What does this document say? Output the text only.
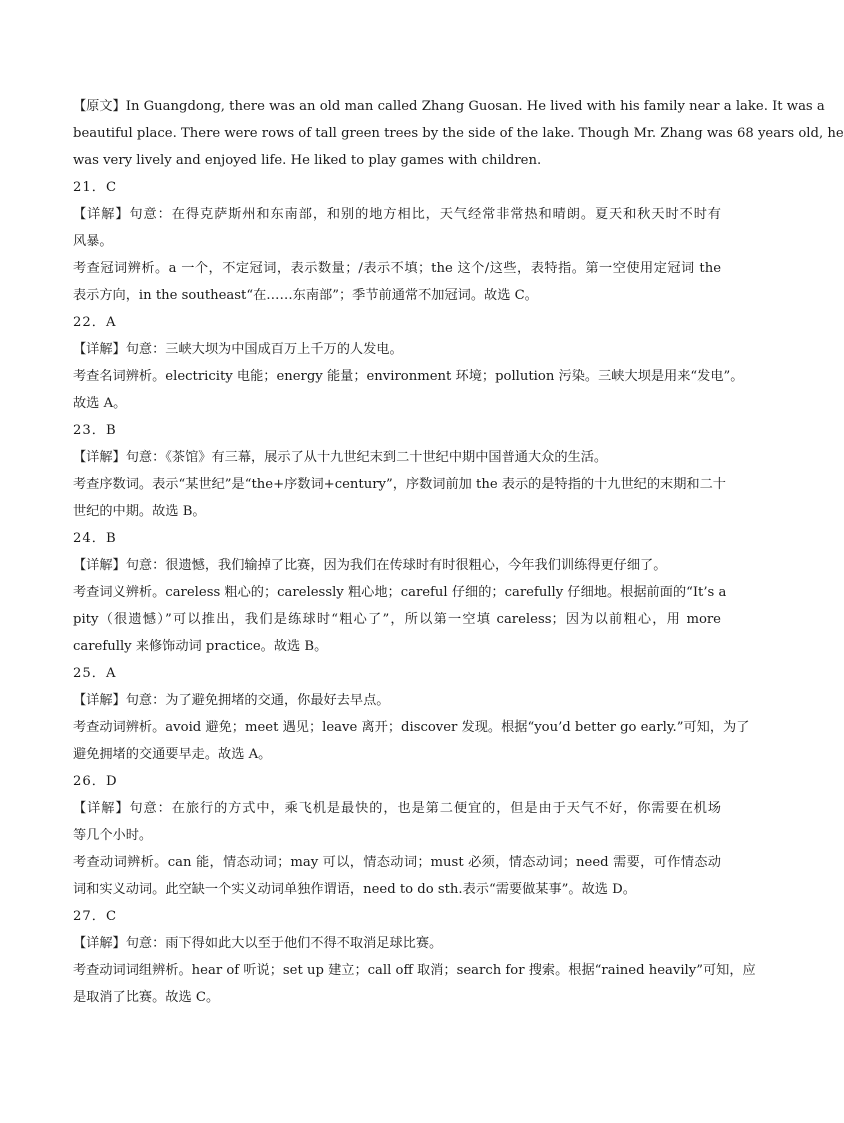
【原文】In Guangdong, there was an old man called Zhang Guosan. He lived with his family near a lake. It was a
beautiful place. There were rows of tall green trees by the side of the lake. Though Mr. Zhang was 68 years old, he
was very lively and enjoyed life. He liked to play games with children.
21．C
【详解】句意：在得克萨斯州和东南部，和别的地方相比，天气经常非常热和晴朗。夏天和秋天时不时有
风暴。
考查冠词辨析。a 一个，不定冠词，表示数量；/表示不填；the 这个/这些，表特指。第一空使用定冠词 the
表示方向，in the southeast“在……东南部”；季节前通常不加冠词。故选 C。
22．A
【详解】句意：三峡大坝为中国成百万上千万的人发电。
考查名词辨析。electricity 电能；energy 能量；environment 环境；pollution 污染。三峡大坝是用来“发电”。
故选 A。
23．B
【详解】句意：《茶馆》有三幕，展示了从十九世纪末到二十世纪中期中国普通大众的生活。
考查序数词。表示“某世纪”是“the+序数词+century”，序数词前加 the 表示的是特指的十九世纪的末期和二十
世纪的中期。故选 B。
24．B
【详解】句意：很遗憾，我们输掉了比赛，因为我们在传球时有时很粗心，今年我们训练得更仔细了。
考查词义辨析。careless 粗心的；carelessly 粗心地；careful 仔细的；carefully 仔细地。根据前面的“It’s a
pity（很遗憾）”可以推出，我们是练球时“粗心了”，所以第一空填 careless；因为以前粗心，用 more
carefully 来修饰动词 practice。故选 B。
25．A
【详解】句意：为了避免拥堵的交通，你最好去早点。
考查动词辨析。avoid 避免；meet 遇见；leave 离开；discover 发现。根据“you’d better go early.”可知，为了
避免拥堵的交通要早走。故选 A。
26．D
【详解】句意：在旅行的方式中，乘飞机是最快的，也是第二便宜的，但是由于天气不好，你需要在机场
等几个小时。
考查动词辨析。can 能，情态动词；may 可以，情态动词；must 必须，情态动词；need 需要，可作情态动
词和实义动词。此空缺一个实义动词单独作谓语，need to do sth.表示“需要做某事”。故选 D。
27．C
【详解】句意：雨下得如此大以至于他们不得不取消足球比赛。
考查动词词组辨析。hear of 听说；set up 建立；call off 取消；search for 搜索。根据“rained heavily”可知，应
是取消了比赛。故选 C。
